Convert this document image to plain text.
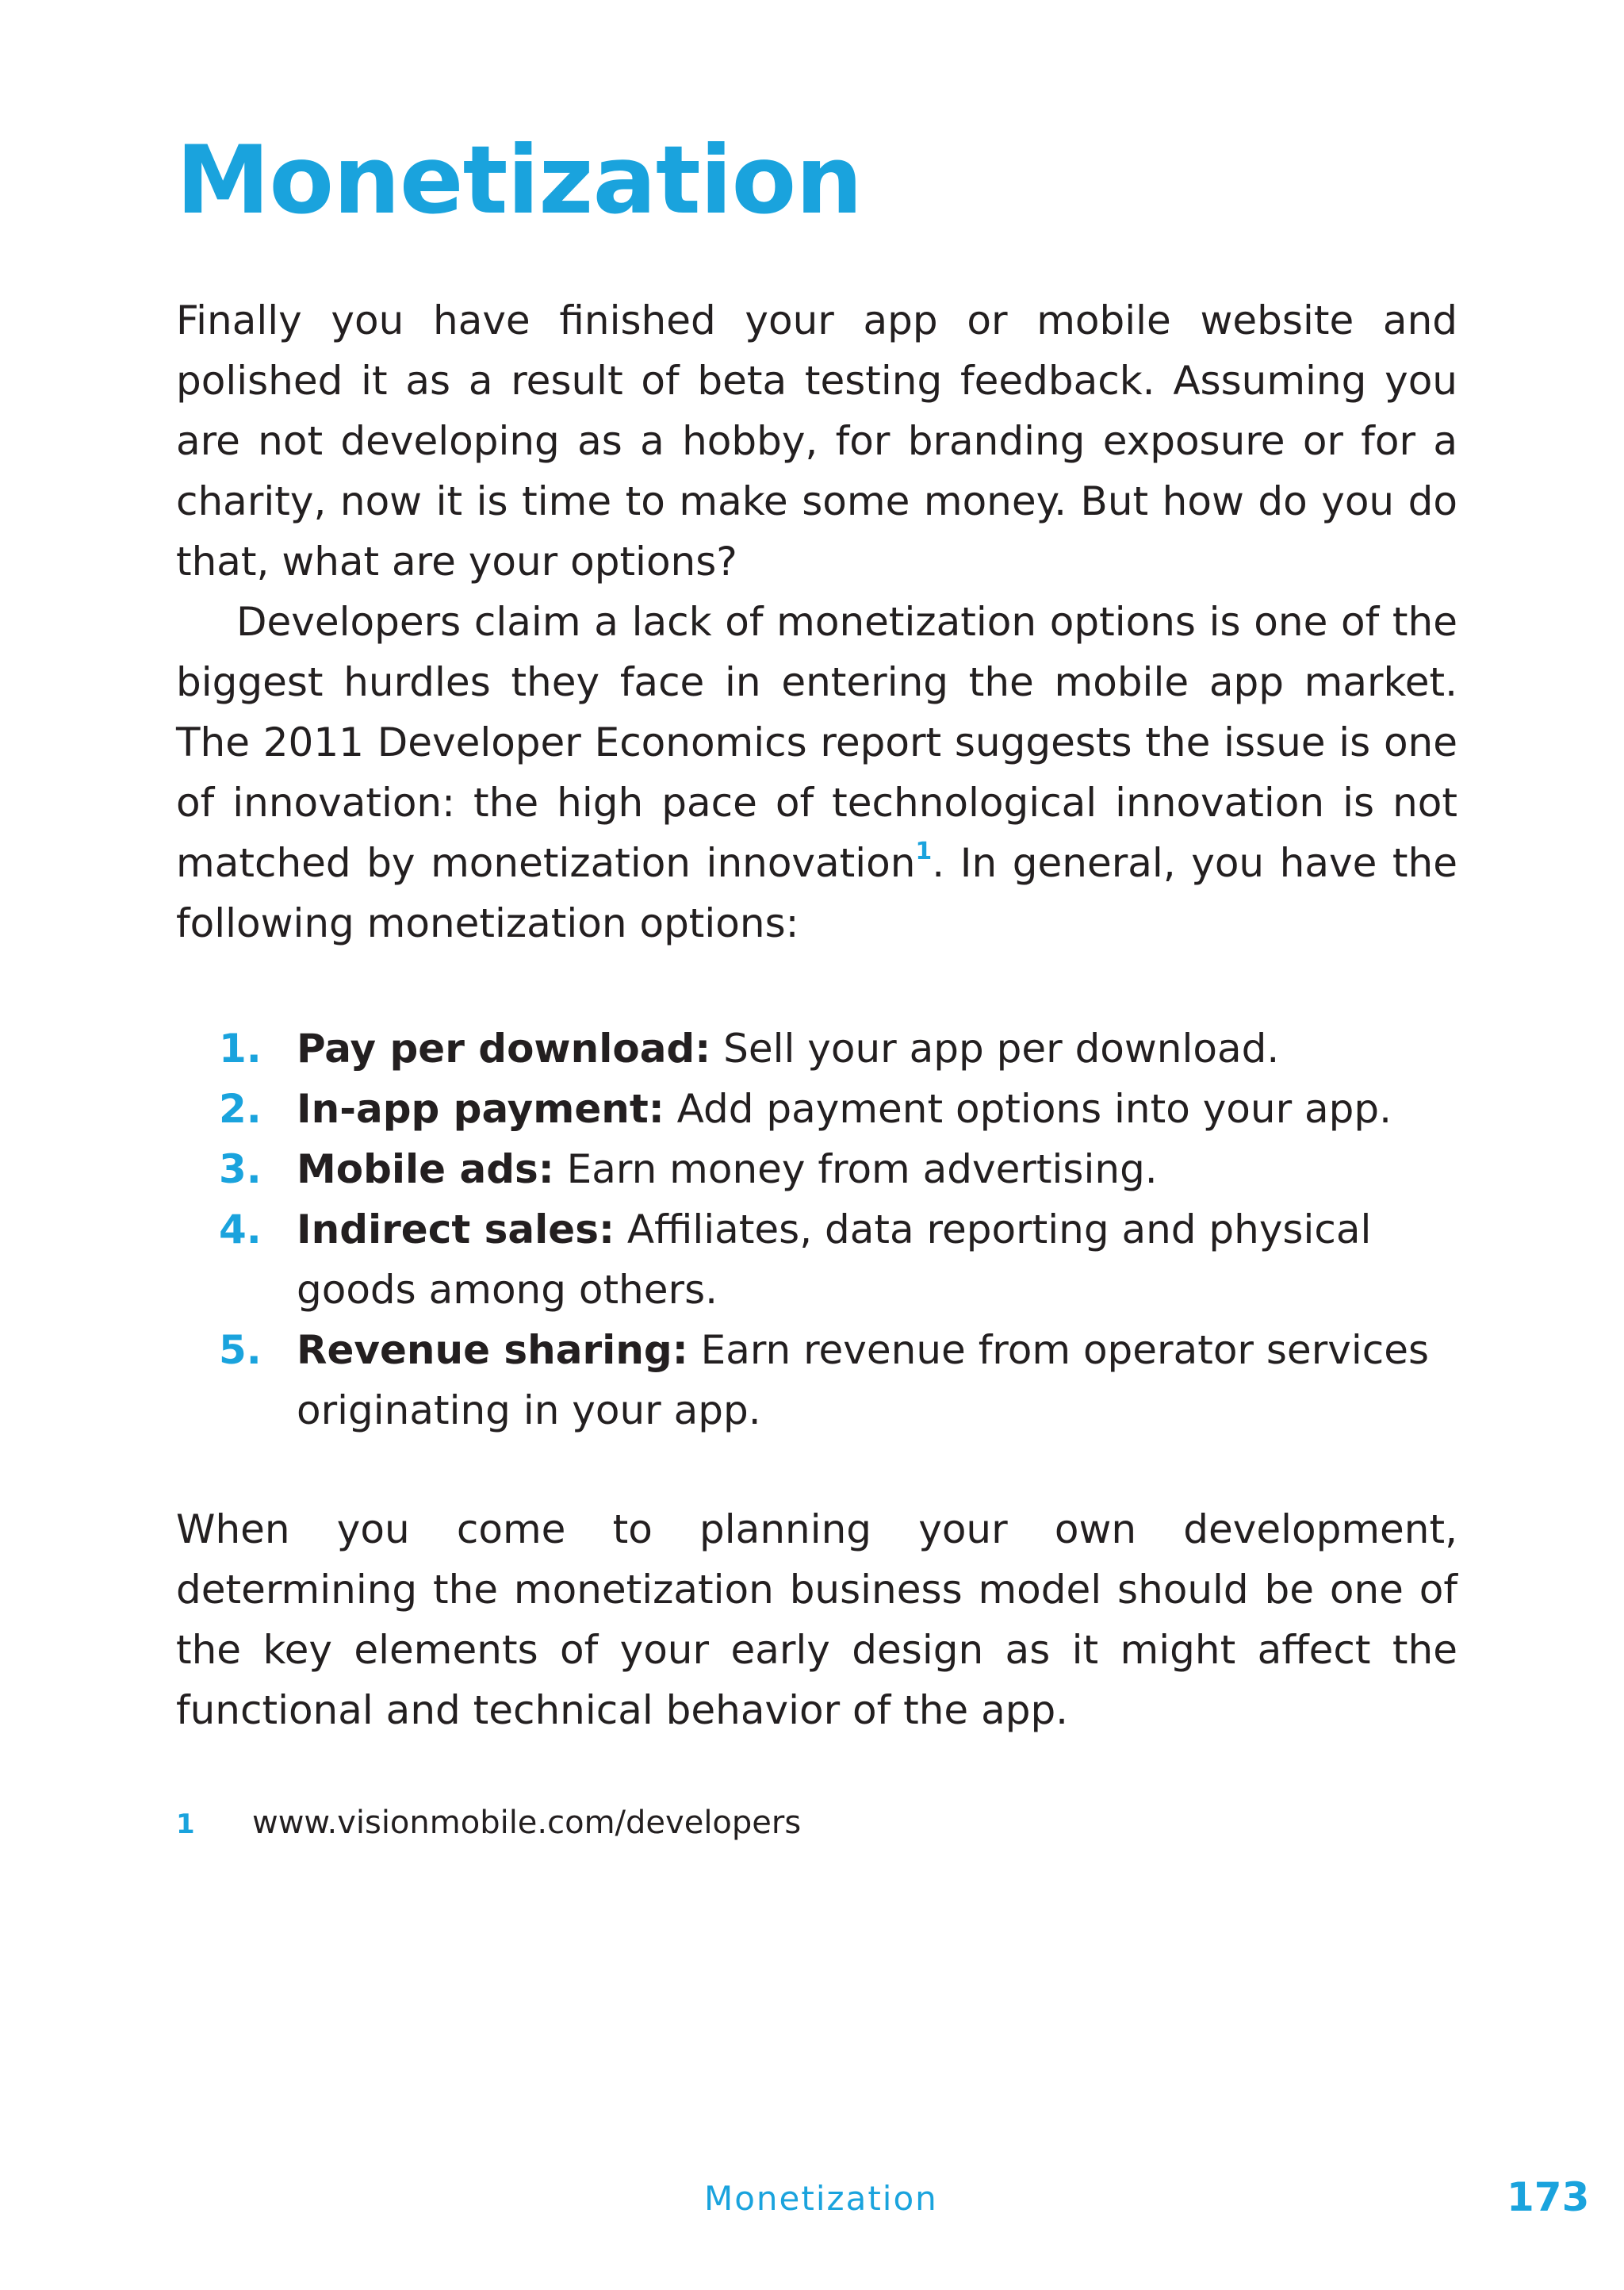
Monetization

Finally you have finished your app or mobile website and polished it as a result of beta testing feedback. Assuming you are not developing as a hobby, for branding exposure or for a charity, now it is time to make some money. But how do you do that, what are your options?

Developers claim a lack of monetization options is one of the biggest hurdles they face in entering the mobile app market. The 2011 Developer Economics report suggests the issue is one of innovation: the high pace of technological innovation is not matched by monetization innovation$^1$. In general, you have the following monetization options:

1. Pay per download: Sell your app per download.
2. In-app payment: Add payment options into your app.
3. Mobile ads: Earn money from advertising.
4. Indirect sales: Affiliates, data reporting and physical goods among others.
5. Revenue sharing: Earn revenue from operator services originating in your app.

When you come to planning your own development, determining the monetization business model should be one of the key elements of your early design as it might affect the functional and technical behavior of the app.

1 www.visionmobile.com/developers
Monetization	173
